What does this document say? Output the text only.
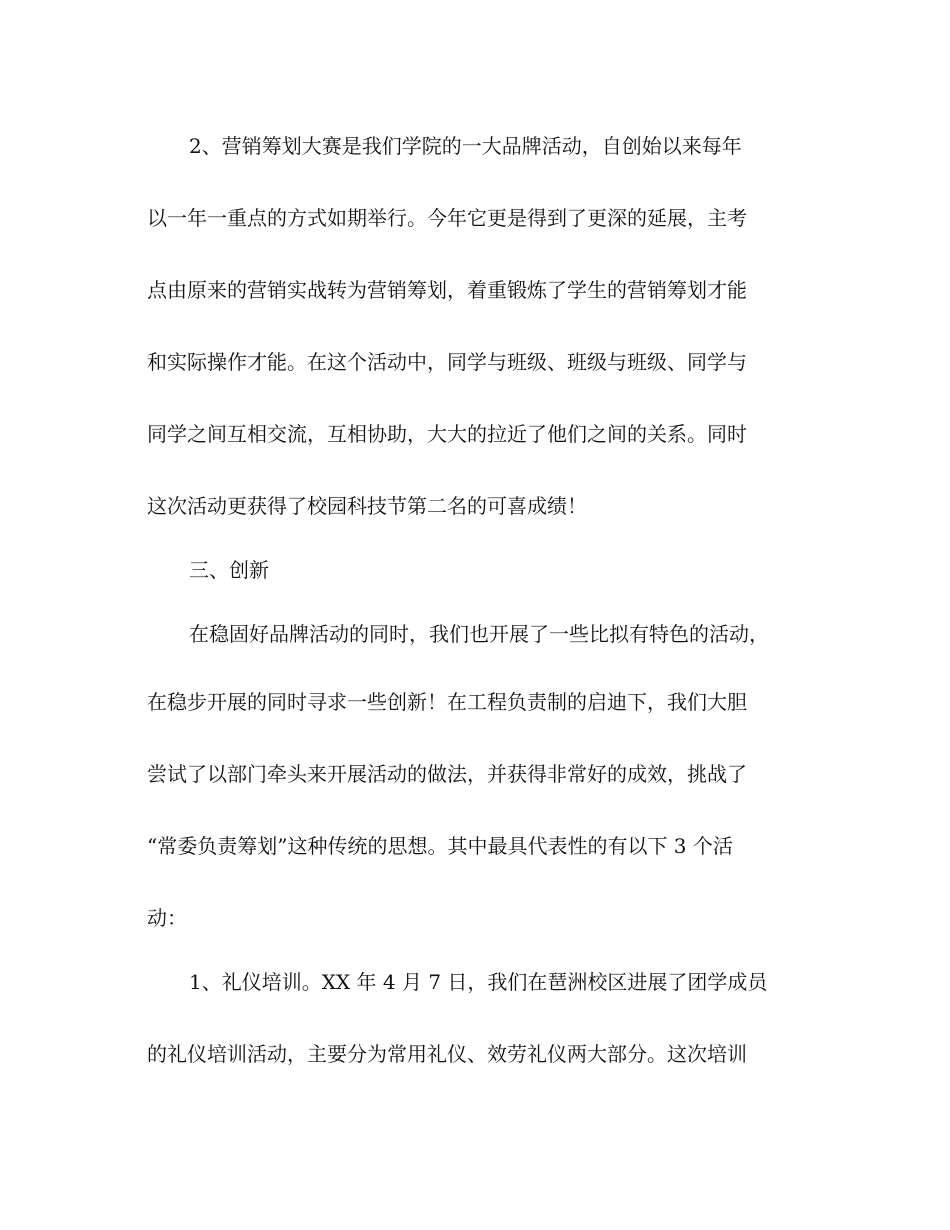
2、营销筹划大赛是我们学院的一大品牌活动，自创始以来每年
以一年一重点的方式如期举行。今年它更是得到了更深的延展，主考
点由原来的营销实战转为营销筹划，着重锻炼了学生的营销筹划才能
和实际操作才能。在这个活动中，同学与班级、班级与班级、同学与
同学之间互相交流，互相协助，大大的拉近了他们之间的关系。同时
这次活动更获得了校园科技节第二名的可喜成绩！
三、创新
在稳固好品牌活动的同时，我们也开展了一些比拟有特色的活动，
在稳步开展的同时寻求一些创新！在工程负责制的启迪下，我们大胆
尝试了以部门牵头来开展活动的做法，并获得非常好的成效，挑战了
“常委负责筹划”这种传统的思想。其中最具代表性的有以下 3 个活
动：
1、礼仪培训。XX 年 4 月 7 日，我们在琶洲校区进展了团学成员
的礼仪培训活动，主要分为常用礼仪、效劳礼仪两大部分。这次培训
